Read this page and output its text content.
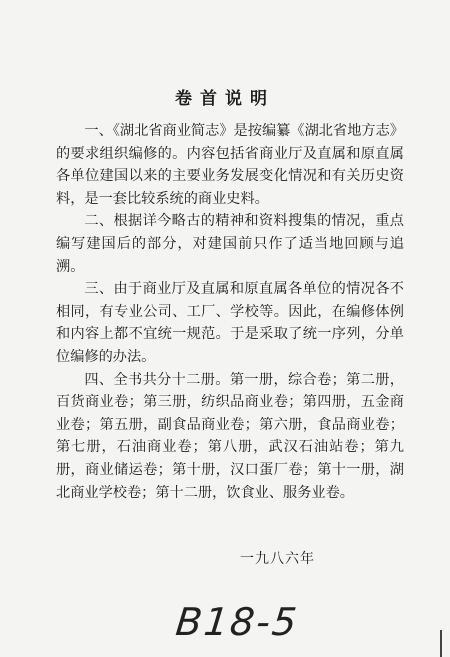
卷首说明

一、《湖北省商业简志》是按编纂《湖北省地方志》的要求组织编修的。内容包括省商业厅及直属和原直属各单位建国以来的主要业务发展变化情况和有关历史资料，是一套比较系统的商业史料。

二、根据详今略古的精神和资料搜集的情况，重点编写建国后的部分，对建国前只作了适当地回顾与追溯。

三、由于商业厅及直属和原直属各单位的情况各不相同，有专业公司、工厂、学校等。因此，在编修体例和内容上都不宜统一规范。于是采取了统一序列，分单位编修的办法。

四、全书共分十二册。第一册，综合卷；第二册，百货商业卷；第三册，纺织品商业卷；第四册，五金商业卷；第五册，副食品商业卷；第六册，食品商业卷；第七册，石油商业卷；第八册，武汉石油站卷；第九册，商业储运卷；第十册，汉口蛋厂卷；第十一册，湖北商业学校卷；第十二册，饮食业、服务业卷。

一九八六年
B18-5
